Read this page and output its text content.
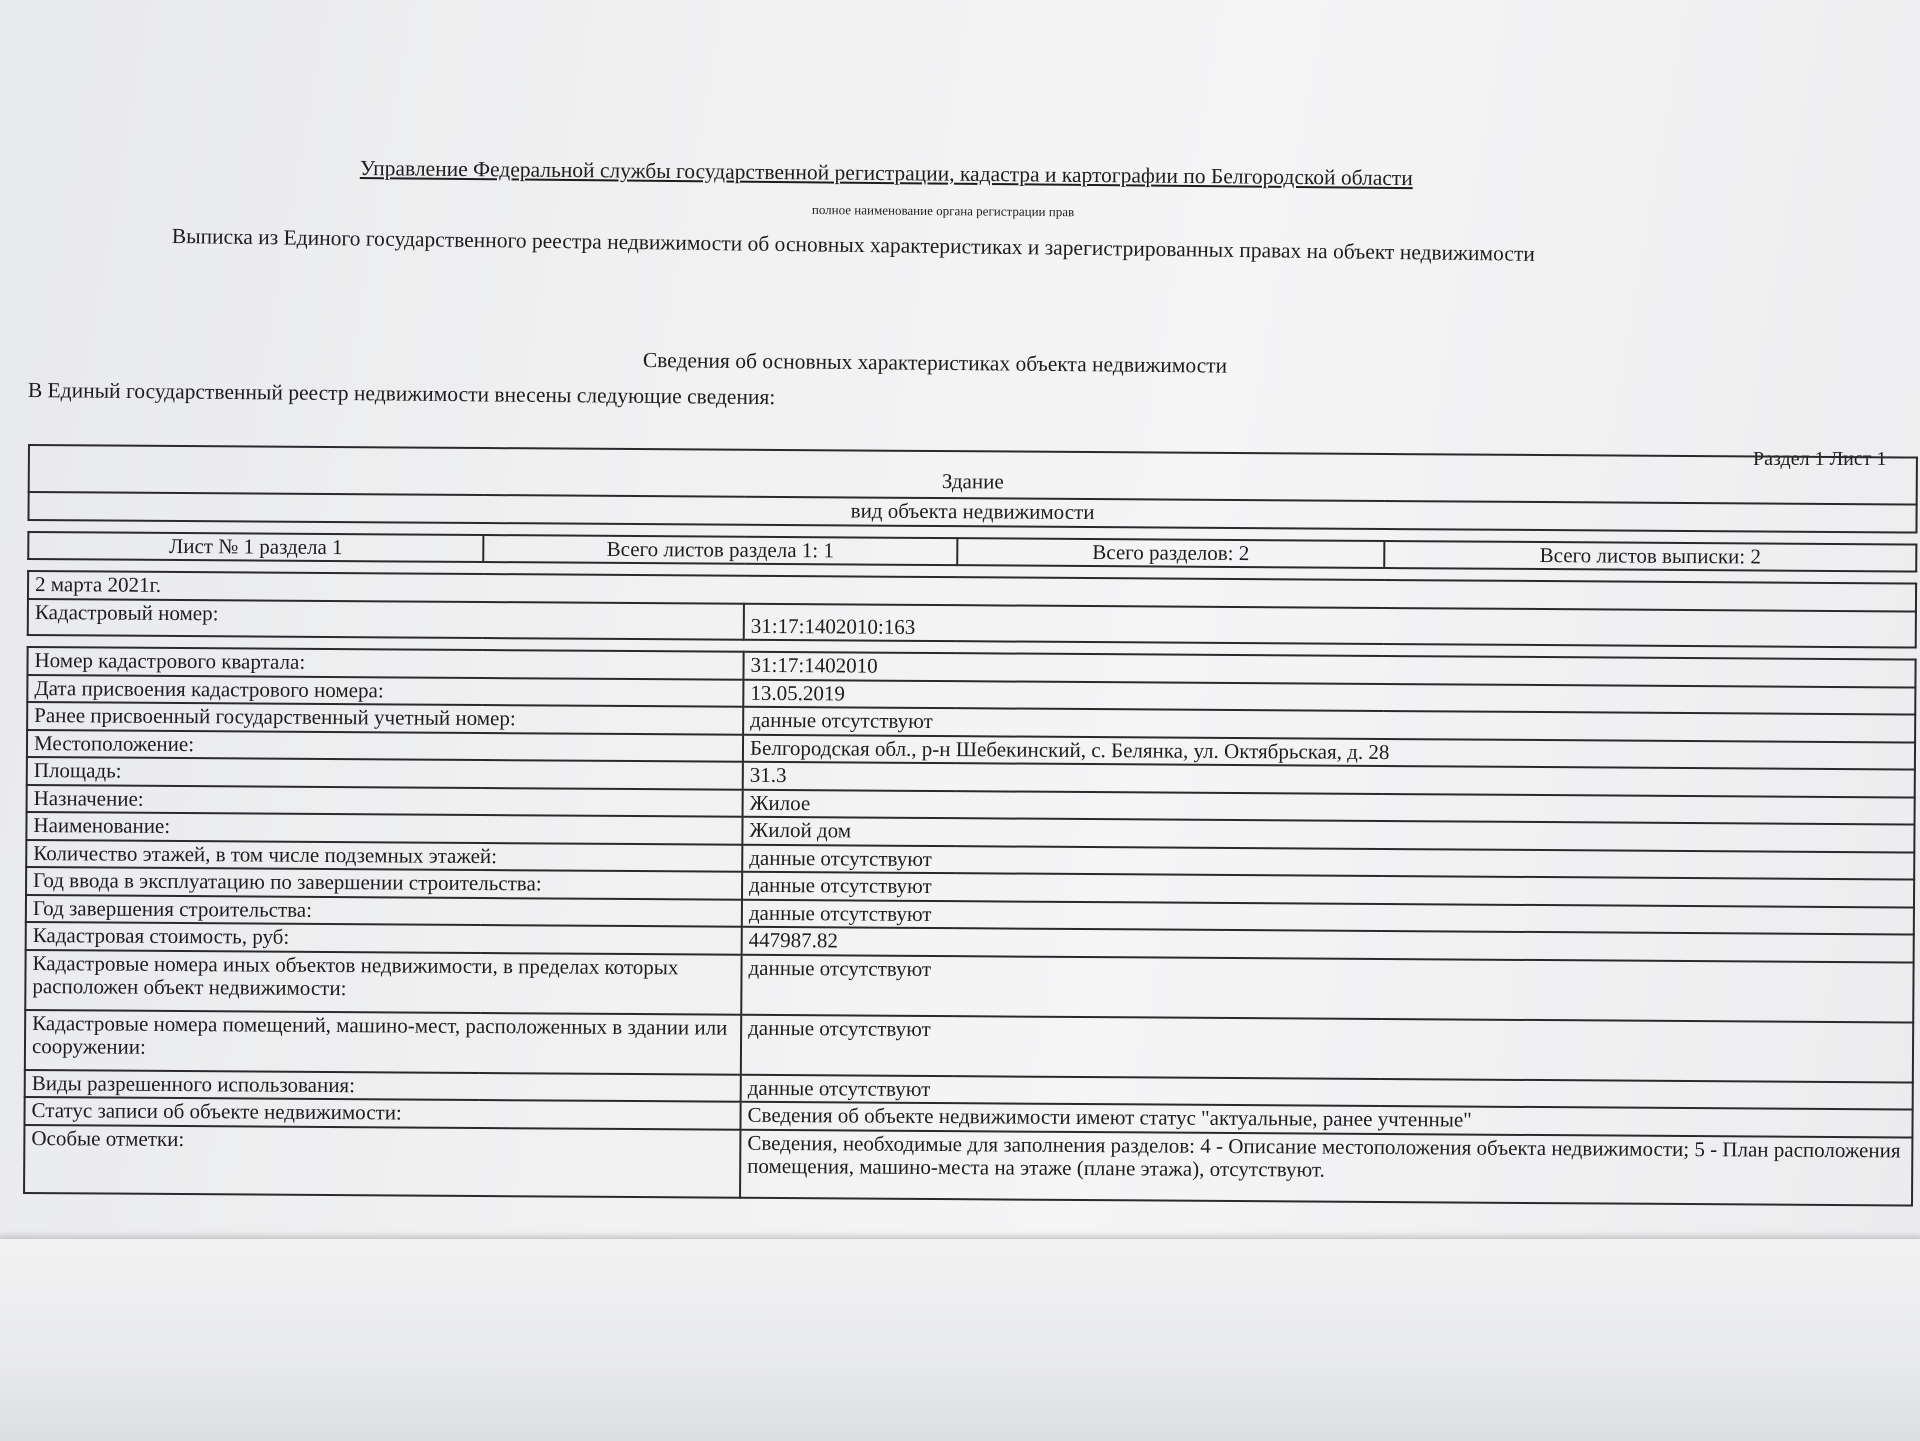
Управление Федеральной службы государственной регистрации, кадастра и картографии по Белгородской области
полное наименование органа регистрации прав
Выписка из Единого государственного реестра недвижимости об основных характеристиках и зарегистрированных правах на объект недвижимости
Сведения об основных характеристиках объекта недвижимости
В Единый государственный реестр недвижимости внесены следующие сведения:
Раздел 1 Лист 1
Здание				
вид объекта недвижимости				

Лист № 1 раздела 1	Всего листов раздела 1: 1		Всего разделов: 2	Всего листов выписки: 2

2 марта 2021г.				
Кадастровый номер:		31:17:1402010:163		

Номер кадастрового квартала:		31:17:1402010		
Дата присвоения кадастрового номера:		13.05.2019		
Ранее присвоенный государственный учетный номер:		данные отсутствуют		
Местоположение:		Белгородская обл., р-н Шебекинский, с. Белянка, ул. Октябрьская, д. 28		
Площадь:		31.3		
Назначение:		Жилое		
Наименование:		Жилой дом		
Количество этажей, в том числе подземных этажей:		данные отсутствуют		
Год ввода в эксплуатацию по завершении строительства:		данные отсутствуют		
Год завершения строительства:		данные отсутствуют		
Кадастровая стоимость, руб:		447987.82		
Кадастровые номера иных объектов недвижимости, в пределах которых расположен объект недвижимости:		данные отсутствуют		
Кадастровые номера помещений, машино-мест, расположенных в здании или сооружении:		данные отсутствуют		
Виды разрешенного использования:		данные отсутствуют		
Статус записи об объекте недвижимости:		Сведения об объекте недвижимости имеют статус "актуальные, ранее учтенные"		
Особые отметки:		Сведения, необходимые для заполнения разделов: 4 - Описание местоположения объекта недвижимости; 5 - План расположения помещения, машино-места на этаже (плане этажа), отсутствуют.		
